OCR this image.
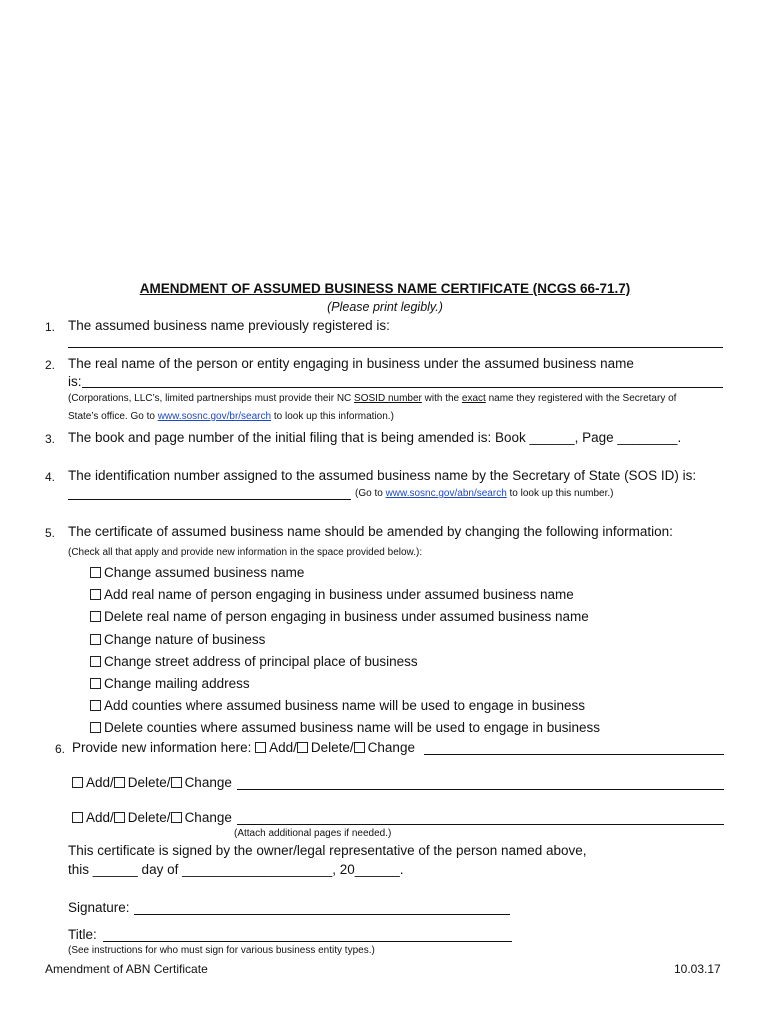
AMENDMENT OF ASSUMED BUSINESS NAME CERTIFICATE (NCGS 66-71.7)
(Please print legibly.)
1. The assumed business name previously registered is:
2. The real name of the person or entity engaging in business under the assumed business name
is:
(Corporations, LLC’s, limited partnerships must provide their NC SOSID number with the exact name they registered with the Secretary of
State’s office. Go to www.sosnc.gov/br/search to look up this information.)
3. The book and page number of the initial filing that is being amended is: Book ______, Page ________.
4. The identification number assigned to the assumed business name by the Secretary of State (SOS ID) is:
(Go to www.sosnc.gov/abn/search to look up this number.)
5. The certificate of assumed business name should be amended by changing the following information:
(Check all that apply and provide new information in the space provided below.):
Change assumed business name
Add real name of person engaging in business under assumed business name
Delete real name of person engaging in business under assumed business name
Change nature of business
Change street address of principal place of business
Change mailing address
Add counties where assumed business name will be used to engage in business
Delete counties where assumed business name will be used to engage in business
6. Provide new information here: Add/ Delete/ Change
Add/ Delete/ Change
Add/ Delete/ Change
(Attach additional pages if needed.)
This certificate is signed by the owner/legal representative of the person named above,
this ______ day of ____________________, 20______.
Signature:
Title:
(See instructions for who must sign for various business entity types.)
Amendment of ABN Certificate	10.03.17
